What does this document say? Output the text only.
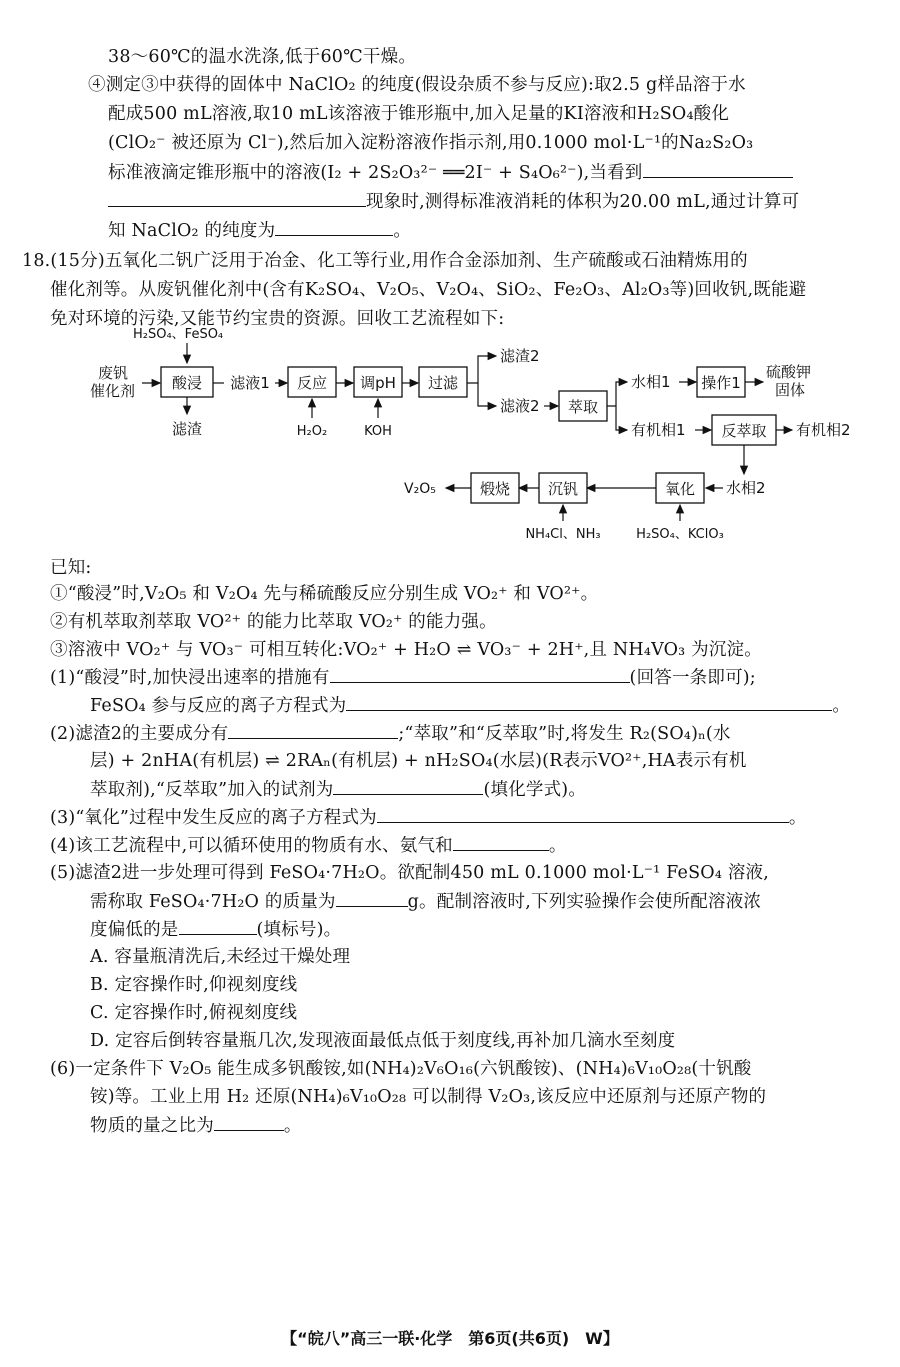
38～60℃的温水洗涤,低于60℃干燥。
④测定③中获得的固体中 NaClO₂ 的纯度(假设杂质不参与反应):取2.5 g样品溶于水
配成500 mL溶液,取10 mL该溶液于锥形瓶中,加入足量的KI溶液和H₂SO₄酸化
(ClO₂⁻ 被还原为 Cl⁻),然后加入淀粉溶液作指示剂,用0.1000 mol·L⁻¹的Na₂S₂O₃
标准液滴定锥形瓶中的溶液(I₂ + 2S₂O₃²⁻ ══2I⁻ + S₄O₆²⁻),当看到
现象时,测得标准液消耗的体积为20.00 mL,通过计算可
知 NaClO₂ 的纯度为	。
18.(15分)五氧化二钒广泛用于冶金、化工等行业,用作合金添加剂、生产硫酸或石油精炼用的
催化剂等。从废钒催化剂中(含有K₂SO₄、V₂O₅、V₂O₄、SiO₂、Fe₂O₃、Al₂O₃等)回收钒,既能避
免对环境的污染,又能节约宝贵的资源。回收工艺流程如下:
H₂SO₄、FeSO₄
废钒
催化剂 酸浸
滤渣
滤液1 反应
H₂O₂
调pH
KOH
过滤
滤渣2
滤液2 萃取
水相1
有机相1
操作1
硫酸钾
固体
反萃取 有机相2
水相2
氧化
H₂SO₄、KClO₃
沉钒
NH₄Cl、NH₃
煅烧
V₂O₅
已知:
①“酸浸”时,V₂O₅ 和 V₂O₄ 先与稀硫酸反应分别生成 VO₂⁺ 和 VO²⁺。
②有机萃取剂萃取 VO²⁺ 的能力比萃取 VO₂⁺ 的能力强。
③溶液中 VO₂⁺ 与 VO₃⁻ 可相互转化:VO₂⁺ + H₂O ⇌ VO₃⁻ + 2H⁺,且 NH₄VO₃ 为沉淀。
(1)“酸浸”时,加快浸出速率的措施有	(回答一条即可);
FeSO₄ 参与反应的离子方程式为	。
(2)滤渣2的主要成分有	;“萃取”和“反萃取”时,将发生 R₂(SO₄)ₙ(水
层) + 2nHA(有机层) ⇌ 2RAₙ(有机层) + nH₂SO₄(水层)(R表示VO²⁺,HA表示有机
萃取剂),“反萃取”加入的试剂为	(填化学式)。
(3)“氧化”过程中发生反应的离子方程式为	。
(4)该工艺流程中,可以循环使用的物质有水、氨气和	。
(5)滤渣2进一步处理可得到 FeSO₄·7H₂O。欲配制450 mL 0.1000 mol·L⁻¹ FeSO₄ 溶液,
需称取 FeSO₄·7H₂O 的质量为	g。配制溶液时,下列实验操作会使所配溶液浓
度偏低的是	(填标号)。
A. 容量瓶清洗后,未经过干燥处理
B. 定容操作时,仰视刻度线
C. 定容操作时,俯视刻度线
D. 定容后倒转容量瓶几次,发现液面最低点低于刻度线,再补加几滴水至刻度
(6)一定条件下 V₂O₅ 能生成多钒酸铵,如(NH₄)₂V₆O₁₆(六钒酸铵)、(NH₄)₆V₁₀O₂₈(十钒酸
铵)等。工业上用 H₂ 还原(NH₄)₆V₁₀O₂₈ 可以制得 V₂O₃,该反应中还原剂与还原产物的
物质的量之比为	。
【“皖八”高三一联·化学　第6页(共6页)　W】
